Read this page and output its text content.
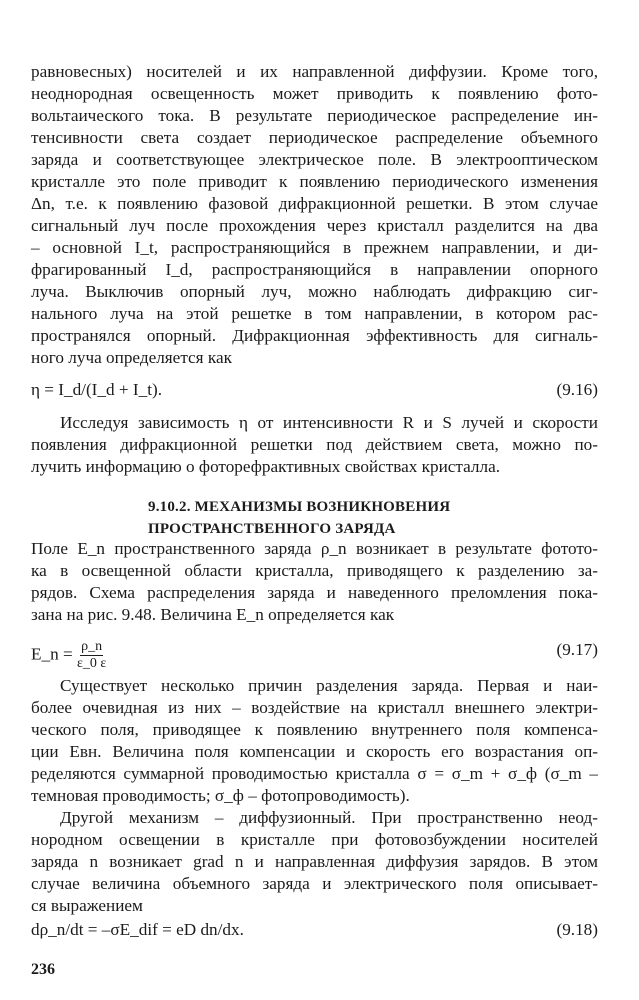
равновесных) носителей и их направленной диффузии. Кроме того,
неоднородная освещенность может приводить к появлению фото-
вольтаического тока. В результате периодическое распределение ин-
тенсивности света создает периодическое распределение объемного
заряда и соответствующее электрическое поле. В электрооптическом
кристалле это поле приводит к появлению периодического изменения
Δn, т.е. к появлению фазовой дифракционной решетки. В этом случае
сигнальный луч после прохождения через кристалл разделится на два
– основной I_t, распространяющийся в прежнем направлении, и ди-
фрагированный I_d, распространяющийся в направлении опорного
луча. Выключив опорный луч, можно наблюдать дифракцию сиг-
нального луча на этой решетке в том направлении, в котором рас-
пространялся опорный. Дифракционная эффективность для сигналь-
ного луча определяется как
η = I_d/(I_d + I_t).	(9.16)
Исследуя зависимость η от интенсивности R и S лучей и скорости
появления дифракционной решетки под действием света, можно по-
лучить информацию о фоторефрактивных свойствах кристалла.
9.10.2. МЕХАНИЗМЫ ВОЗНИКНОВЕНИЯ
ПРОСТРАНСТВЕННОГО ЗАРЯДА
Поле E_n пространственного заряда ρ_n возникает в результате фотото-
ка в освещенной области кристалла, приводящего к разделению за-
рядов. Схема распределения заряда и наведенного преломления пока-
зана на рис. 9.48. Величина E_n определяется как
E_n = $\frac{\rho\_n}{\varepsilon\_0 \varepsilon}$	(9.17)
Существует несколько причин разделения заряда. Первая и наи-
более очевидная из них – воздействие на кристалл внешнего электри-
ческого поля, приводящее к появлению внутреннего поля компенса-
ции Eвн. Величина поля компенсации и скорость его возрастания оп-
ределяются суммарной проводимостью кристалла σ = σ_m + σ_ф (σ_m –
темновая проводимость; σ_ф – фотопроводимость).
Другой механизм – диффузионный. При пространственно неод-
нородном освещении в кристалле при фотовозбуждении носителей
заряда n возникает grad n и направленная диффузия зарядов. В этом
случае величина объемного заряда и электрического поля описывает-
ся выражением
dρ_n/dt = –σE_dif = eD dn/dx.	(9.18)
236
